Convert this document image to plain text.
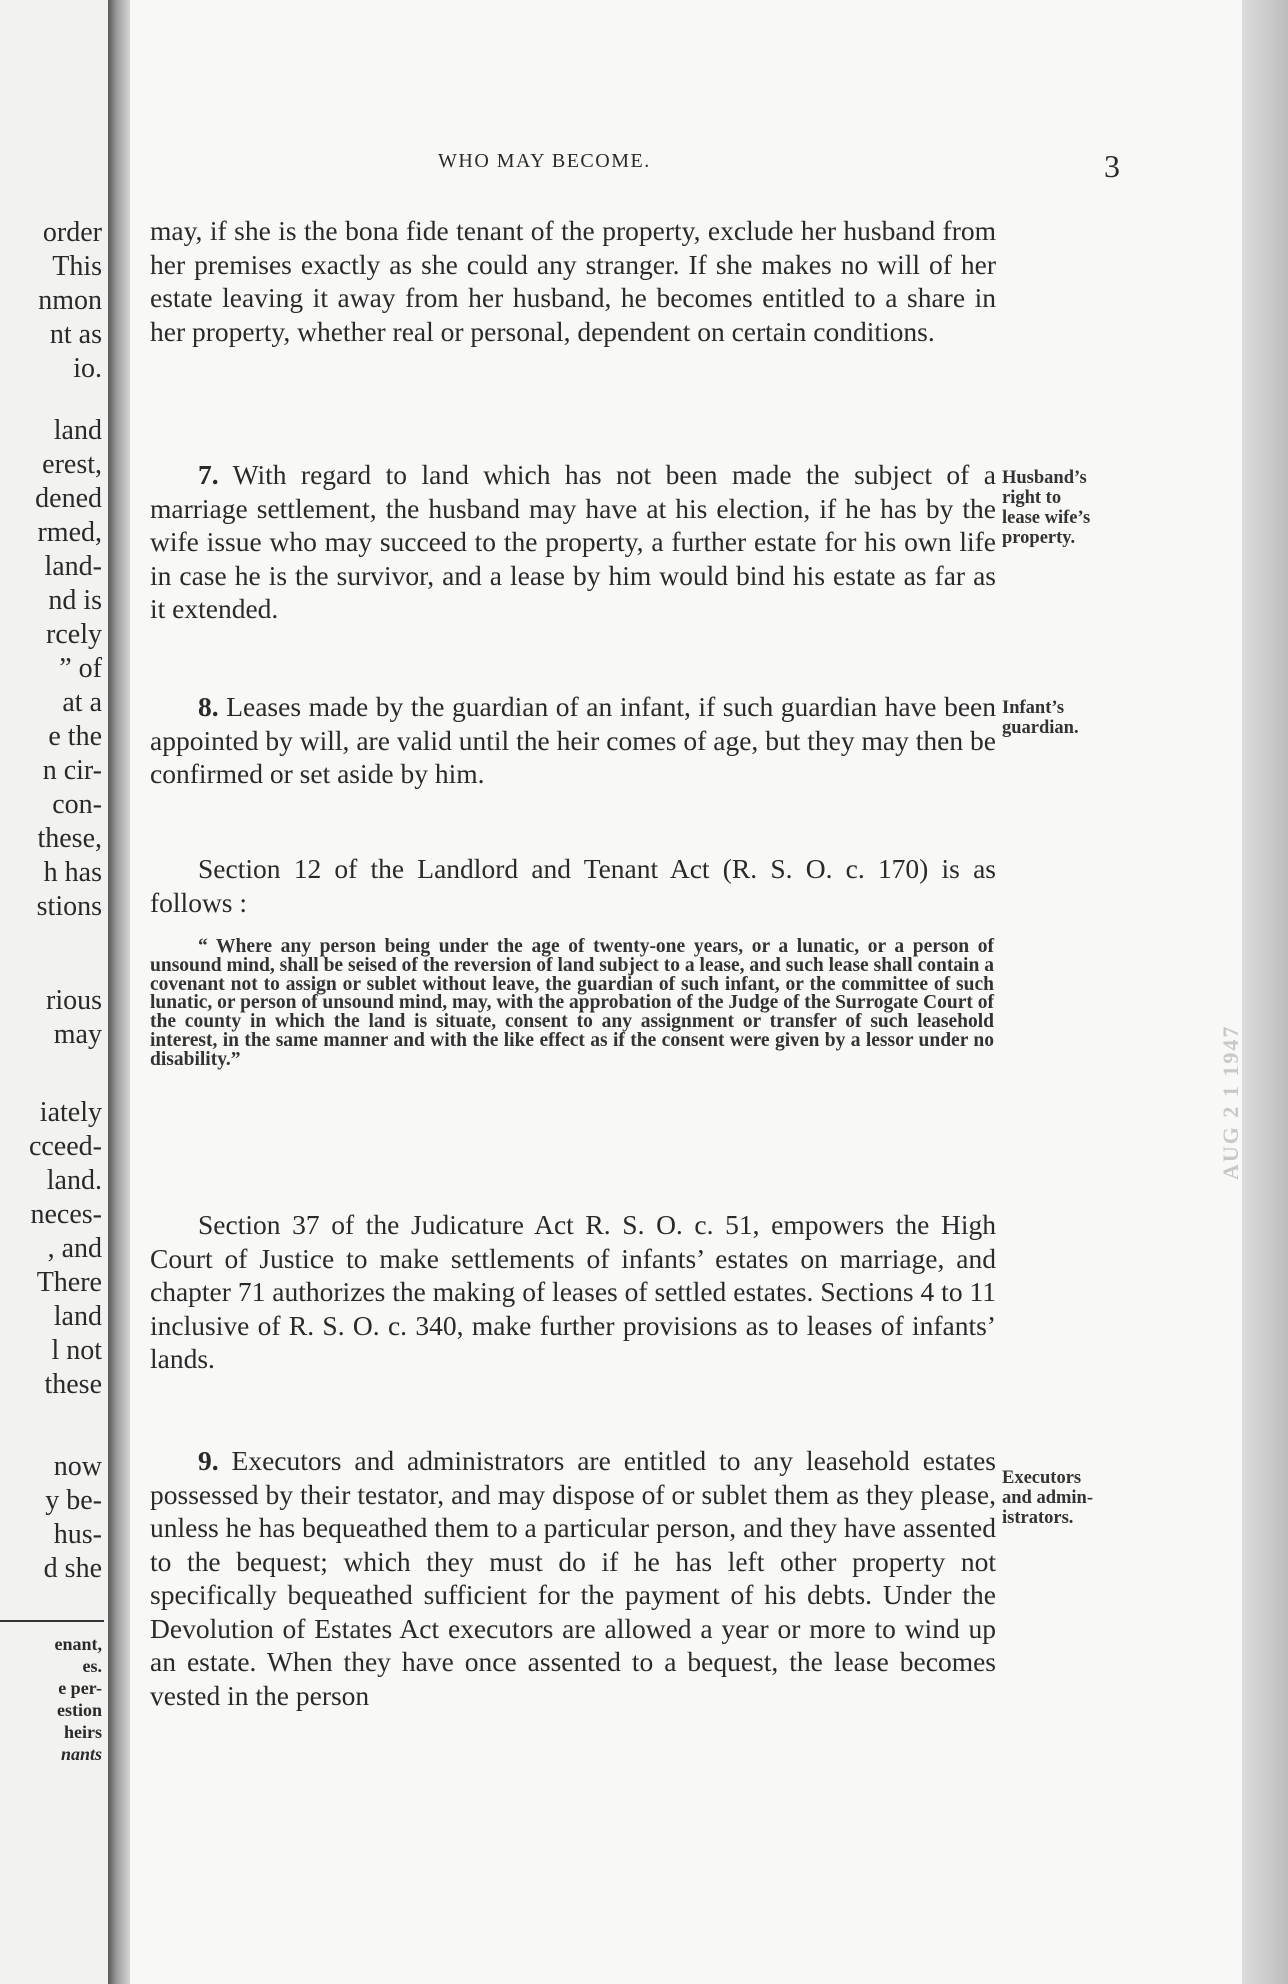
order
This
nmon
nt as
io.
land
erest,
dened
rmed,
land-
nd is
rcely
” of
at a
e the
n cir-
con-
these,
h has
stions
rious
may
iately
cceed-
land.
neces-
, and
There
land
l not
these
now
y be-
hus-
d she
enant,
es.
e per-
estion
heirs
nants
WHO MAY BECOME.	3

may, if she is the bona fide tenant of the property, exclude her husband from her premises exactly as she could any stranger. If she makes no will of her estate leaving it away from her husband, he becomes entitled to a share in her property, whether real or personal, dependent on certain conditions.

7. With regard to land which has not been made the subject of a marriage settlement, the husband may have at his election, if he has by the wife issue who may succeed to the property, a further estate for his own life in case he is the survivor, and a lease by him would bind his estate as far as it extended.

Husband’s
right to
lease wife’s
property.

8. Leases made by the guardian of an infant, if such guardian have been appointed by will, are valid until the heir comes of age, but they may then be confirmed or set aside by him.

Infant’s
guardian.

Section 12 of the Landlord and Tenant Act (R. S. O. c. 170) is as follows :

“ Where any person being under the age of twenty-one years, or a lunatic, or a person of unsound mind, shall be seised of the reversion of land subject to a lease, and such lease shall contain a covenant not to assign or sublet without leave, the guardian of such infant, or the committee of such lunatic, or person of unsound mind, may, with the approbation of the Judge of the Surrogate Court of the county in which the land is situate, consent to any assignment or transfer of such leasehold interest, in the same manner and with the like effect as if the consent were given by a lessor under no disability.”

Section 37 of the Judicature Act R. S. O. c. 51, empowers the High Court of Justice to make settlements of infants’ estates on marriage, and chapter 71 authorizes the making of leases of settled estates. Sections 4 to 11 inclusive of R. S. O. c. 340, make further provisions as to leases of infants’ lands.

9. Executors and administrators are entitled to any leasehold estates possessed by their testator, and may dispose of or sublet them as they please, unless he has bequeathed them to a particular person, and they have assented to the bequest; which they must do if he has left other property not specifically bequeathed sufficient for the payment of his debts. Under the Devolution of Estates Act executors are allowed a year or more to wind up an estate. When they have once assented to a bequest, the lease becomes vested in the person

Executors
and admin-
istrators.
AUG 2 1 1947
